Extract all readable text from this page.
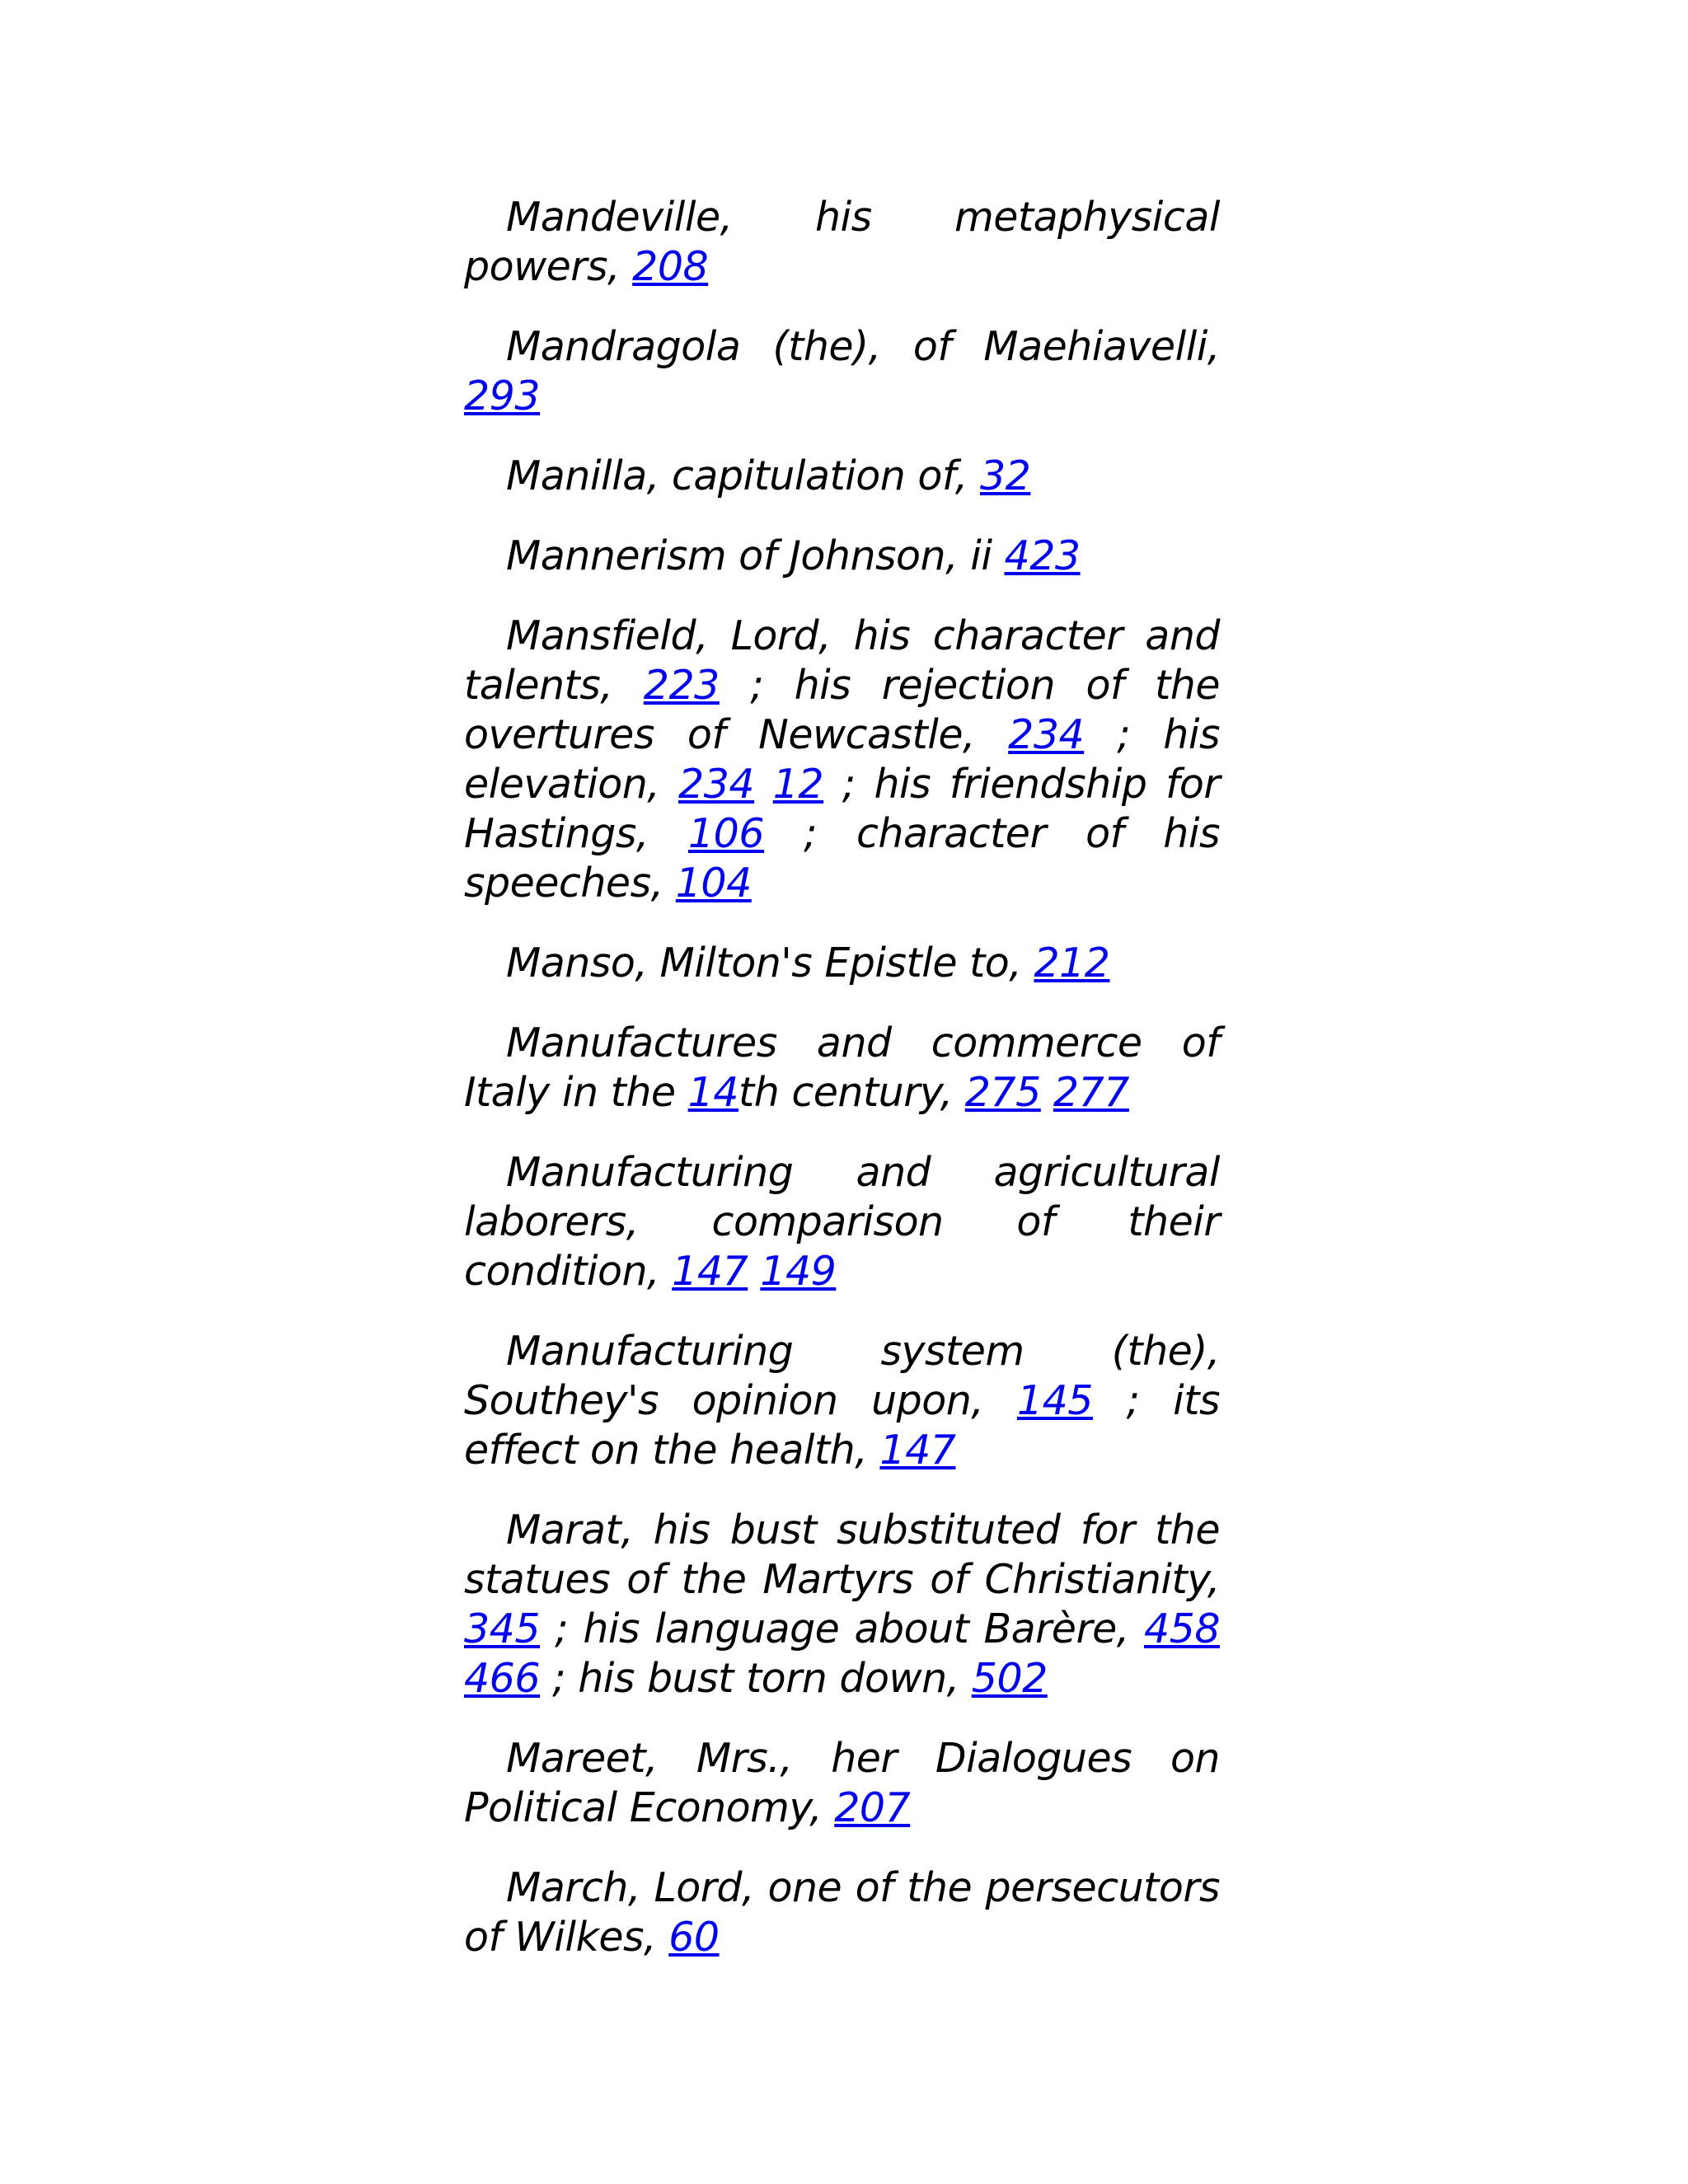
Mandeville, his metaphysical powers, 208

Mandragola (the), of Maehiavelli, 293

Manilla, capitulation of, 32

Mannerism of Johnson, ii 423

Mansfield, Lord, his character and talents, 223 ; his rejection of the overtures of Newcastle, 234 ; his elevation, 234 12 ; his friendship for Hastings, 106 ; character of his speeches, 104

Manso, Milton's Epistle to, 212

Manufactures and commerce of Italy in the 14th century, 275 277

Manufacturing and agricultural laborers, comparison of their condition, 147 149

Manufacturing system (the), Southey's opinion upon, 145 ; its effect on the health, 147

Marat, his bust substituted for the statues of the Martyrs of Christianity, 345 ; his language about Barère, 458 466 ; his bust torn down, 502

Mareet, Mrs., her Dialogues on Political Economy, 207

March, Lord, one of the persecutors of Wilkes, 60
